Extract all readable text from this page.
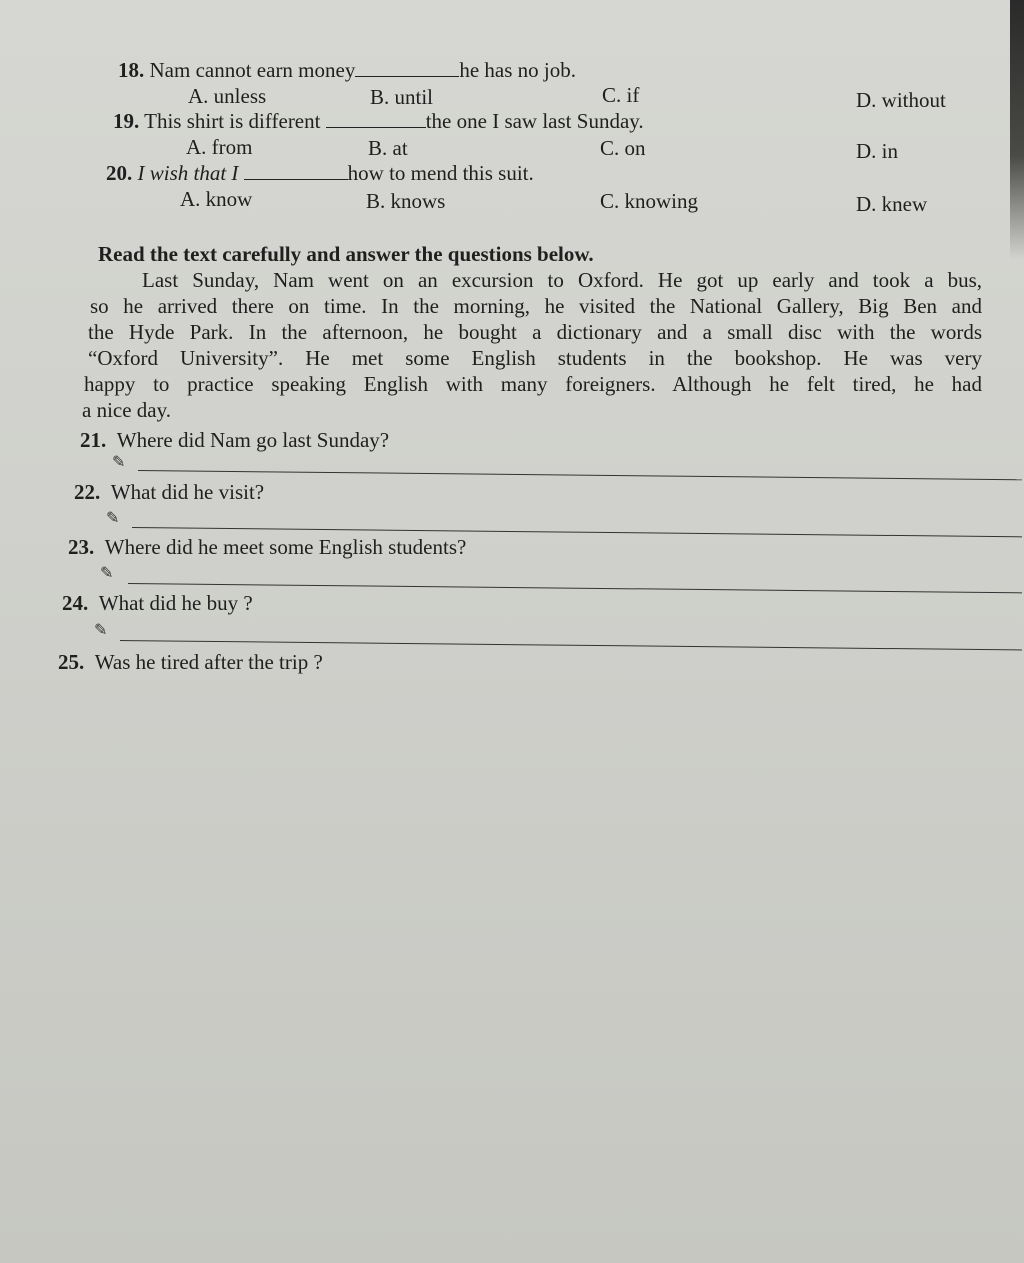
18. Nam cannot earn money	he has no job.
A. unless	B. until	C. if	D. without
19. This shirt is different	the one I saw last Sunday.
A. from	B. at	C. on	D. in
20. I wish that I	how to mend this suit.
A. know	B. knows	C. knowing	D. knew
Read the text carefully and answer the questions below.
Last Sunday, Nam went on an excursion to Oxford. He got up early and took a bus,
so he arrived there on time. In the morning, he visited the National Gallery, Big Ben and
the Hyde Park. In the afternoon, he bought a dictionary and a small disc with the words
“Oxford University”. He met some English students in the bookshop. He was very
happy to practice speaking English with many foreigners. Although he felt tired, he had
a nice day.
21. Where did Nam go last Sunday?
✎
22. What did he visit?
✎
23. Where did he meet some English students?
✎
24. What did he buy ?
✎
25. Was he tired after the trip ?
